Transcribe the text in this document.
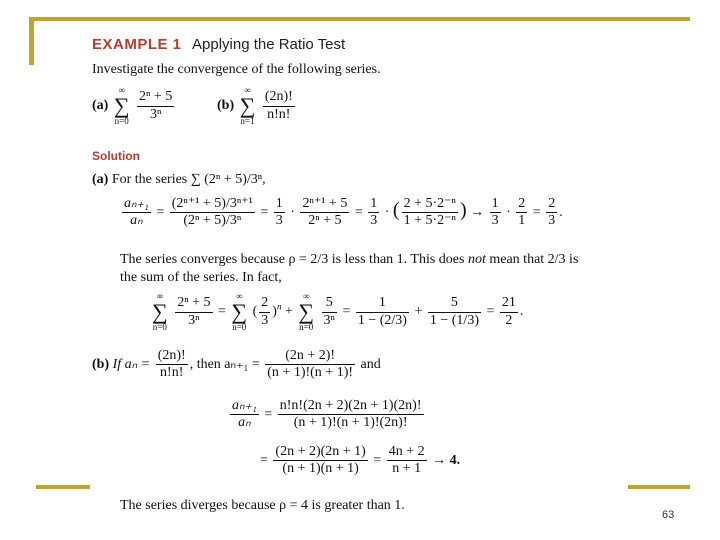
EXAMPLE 1 Applying the Ratio Test
Investigate the convergence of the following series.
(a)
∞
∑
n=0
$\frac{\text{2ⁿ + 5}}{\text{3ⁿ}}$	(b)
∞
∑
n=1
$\frac{(2n)!}{n!n!}$
Solution
(a) For the series ∑ (2ⁿ + 5)/3ⁿ,
$\frac{\text{aₙ₊₁}}{\text{aₙ}} = \frac{\text{(2ⁿ⁺¹ + 5)/3ⁿ⁺¹}}{\text{(2ⁿ + 5)/3ⁿ}} = \frac{1}{3} \cdot \frac{\text{2ⁿ⁺¹ + 5}}{\text{2ⁿ + 5}} = \frac{1}{3}$ · ( $\frac{\text{2 + 5·2⁻ⁿ}}{\text{1 + 5·2⁻ⁿ}}$ ) → $\frac{1}{3} \cdot \frac{2}{1} = \frac{2}{3}$ .
The series converges because ρ = 2/3 is less than 1. This does not mean that 2/3 is
the sum of the series. In fact,
∞
∑
n=0
$\frac{\text{2ⁿ + 5}}{\text{3ⁿ}}$ =
∞
∑
n=0
( $\frac{2}{3} )^n$ +
∞
∑
n=0
$\frac{5}{\text{3ⁿ}} = \frac{1}{1 - (2/3)} + \frac{5}{1 - (1/3)} = \frac{21}{2}$ .
(b) If $a_n = \frac{(2n)!}{n!n!}$ , then $a_{n+1} = \frac{(2n + 2)!}{(n + 1)!(n + 1)!}$ and
$\frac{\text{aₙ₊₁}}{\text{aₙ}} = \frac{n!n!(2n + 2)(2n + 1)(2n)!}{(n + 1)!(n + 1)!(2n)!}$
= $\frac{(2n + 2)(2n + 1)}{(n + 1)(n + 1)} = \frac{4n + 2}{n + 1} \to 4$.
The series diverges because ρ = 4 is greater than 1.
63
